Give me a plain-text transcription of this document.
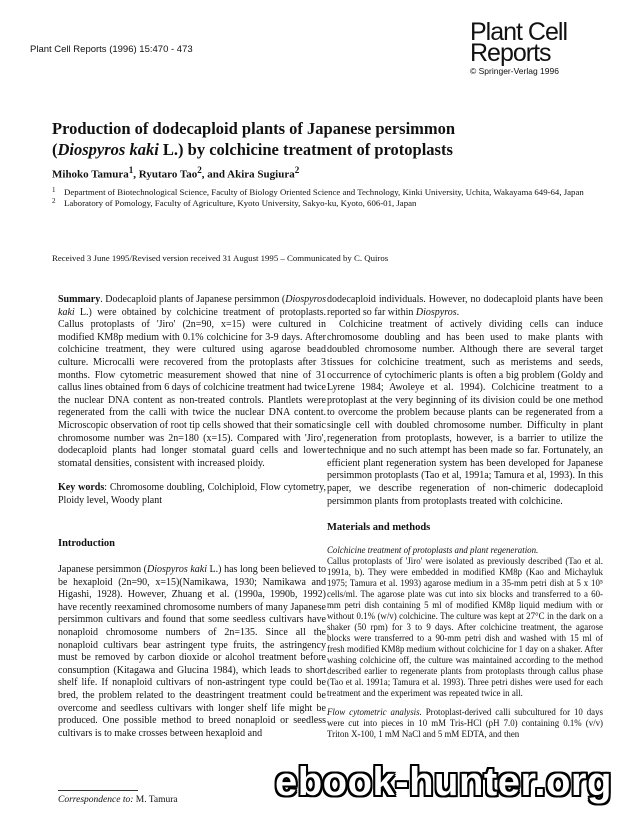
Plant Cell Reports (1996) 15:470 - 473
Plant Cell
Reports
© Springer-Verlag 1996
Production of dodecaploid plants of Japanese persimmon
(Diospyros kaki L.) by colchicine treatment of protoplasts
Mihoko Tamura$^1$, Ryutaro Tao$^2$, and Akira Sugiura$^2$
1 Department of Biotechnological Science, Faculty of Biology Oriented Science and Technology, Kinki University, Uchita, Wakayama 649-64, Japan
2 Laboratory of Pomology, Faculty of Agriculture, Kyoto University, Sakyo-ku, Kyoto, 606-01, Japan
Received 3 June 1995/Revised version received 31 August 1995 – Communicated by C. Quiros

Summary. Dodecaploid plants of Japanese persimmon (Diospyros kaki L.) were obtained by colchicine treatment of protoplasts. Callus protoplasts of 'Jiro' (2n=90, x=15) were cultured in modified KM8p medium with 0.1% colchicine for 3-9 days. After colchicine treatment, they were cultured using agarose bead culture. Microcalli were recovered from the protoplasts after 3 months. Flow cytometric measurement showed that nine of 31 callus lines obtained from 6 days of colchicine treatment had twice the nuclear DNA content as non-treated controls. Plantlets were regenerated from the calli with twice the nuclear DNA content. Microscopic observation of root tip cells showed that their somatic chromosome number was 2n=180 (x=15). Compared with 'Jiro', dodecaploid plants had longer stomatal guard cells and lower stomatal densities, consistent with increased ploidy.

Key words: Chromosome doubling, Colchiploid, Flow cytometry, Ploidy level, Woody plant

Introduction

Japanese persimmon (Diospyros kaki L.) has long been believed to be hexaploid (2n=90, x=15)(Namikawa, 1930; Namikawa and Higashi, 1928). However, Zhuang et al. (1990a, 1990b, 1992) have recently reexamined chromosome numbers of many Japanese persimmon cultivars and found that some seedless cultivars have nonaploid chromosome numbers of 2n=135. Since all the nonaploid cultivars bear astringent type fruits, the astringency must be removed by carbon dioxide or alcohol treatment before consumption (Kitagawa and Glucina 1984), which leads to short shelf life. If nonaploid cultivars of non-astringent type could be bred, the problem related to the deastringent treatment could be overcome and seedless cultivars with longer shelf life might be produced. One possible method to breed nonaploid or seedless cultivars is to make crosses between hexaploid and

dodecaploid individuals. However, no dodecaploid plants have been reported so far within Diospyros.

Colchicine treatment of actively dividing cells can induce chromosome doubling and has been used to make plants with doubled chromosome number. Although there are several target tissues for colchicine treatment, such as meristems and seeds, occurrence of cytochimeric plants is often a big problem (Goldy and Lyrene 1984; Awoleye et al. 1994). Colchicine treatment to a protoplast at the very beginning of its division could be one method to overcome the problem because plants can be regenerated from a single cell with doubled chromosome number. Difficulty in plant regeneration from protoplasts, however, is a barrier to utilize the technique and no such attempt has been made so far. Fortunately, an efficient plant regeneration system has been developed for Japanese persimmon protoplasts (Tao et al, 1991a; Tamura et al, 1993). In this paper, we describe regeneration of non-chimeric dodecaploid persimmon plants from protoplasts treated with colchicine.

Materials and methods

Colchicine treatment of protoplasts and plant regeneration.

Callus protoplasts of 'Jiro' were isolated as previously described (Tao et al. 1991a, b). They were embedded in modified KM8p (Kao and Michayluk 1975; Tamura et al. 1993) agarose medium in a 35-mm petri dish at 5 x 10⁵ cells/ml. The agarose plate was cut into six blocks and transferred to a 60-mm petri dish containing 5 ml of modified KM8p liquid medium with or without 0.1% (w/v) colchicine. The culture was kept at 27°C in the dark on a shaker (50 rpm) for 3 to 9 days. After colchicine treatment, the agarose blocks were transferred to a 90-mm petri dish and washed with 15 ml of fresh modified KM8p medium without colchicine for 1 day on a shaker. After washing colchicine off, the culture was maintained according to the method described earlier to regenerate plants from protoplasts through callus phase (Tao et al. 1991a; Tamura et al. 1993). Three petri dishes were used for each treatment and the experiment was repeated twice in all.

Flow cytometric analysis. Protoplast-derived calli subcultured for 10 days were cut into pieces in 10 mM Tris-HCl (pH 7.0) containing 0.1% (v/v) Triton X-100, 1 mM NaCl and 5 mM EDTA, and then

Correspondence to: M. Tamura ebook-hunter.org
